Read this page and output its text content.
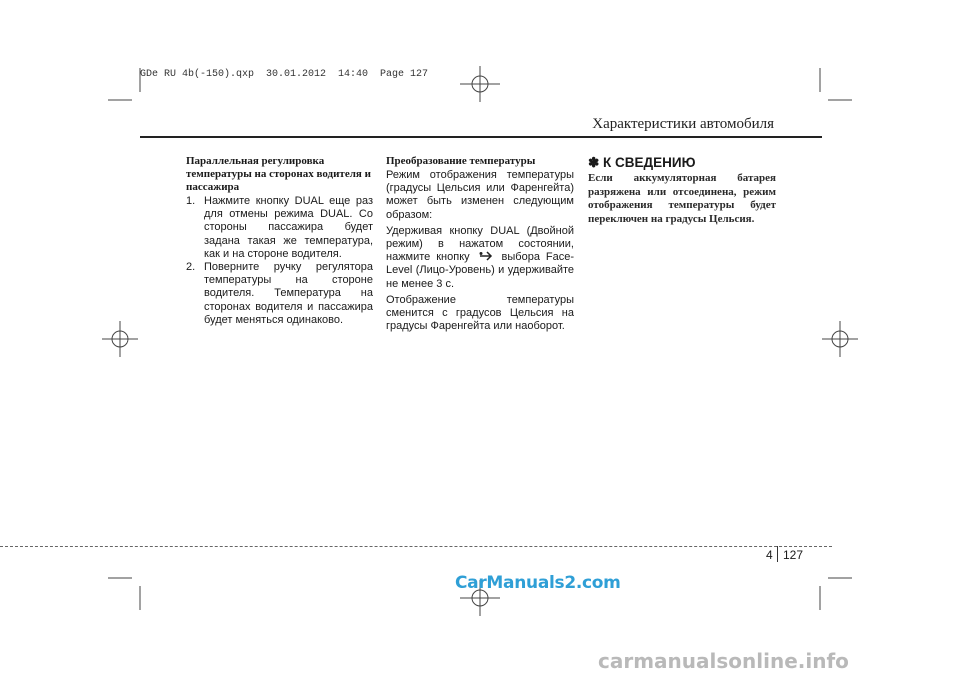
GDe RU 4b(-150).qxp  30.01.2012  14:40  Page 127
Характеристики автомобиля
Параллельная регулировка
температуры на сторонах водителя и
пассажира
1. Нажмите кнопку DUAL еще раз для отмены режима DUAL. Со стороны пассажира будет задана такая же температура, как и на стороне водителя.
2. Поверните ручку регулятора температуры на стороне водителя. Температура на сторонах водителя и пассажира будет меняться одинаково.
Преобразование температуры

Режим отображения температуры (градусы Цельсия или Фаренгейта) может быть изменен следующим образом:

Удерживая кнопку DUAL (Двойной режим) в нажатом состоянии, нажмите кнопку	выбора Face-Level (Лицо-Уровень) и удерживайте не менее 3 с.

Отображение температуры сменится с градусов Цельсия на градусы Фаренгейта или наоборот.

✽ К СВЕДЕНИЮ
Если аккумуляторная батарея разряжена или отсоединена, режим отображения температуры будет переключен на градусы Цельсия.
4 127
CarManuals2.com
carmanualsonline.info
